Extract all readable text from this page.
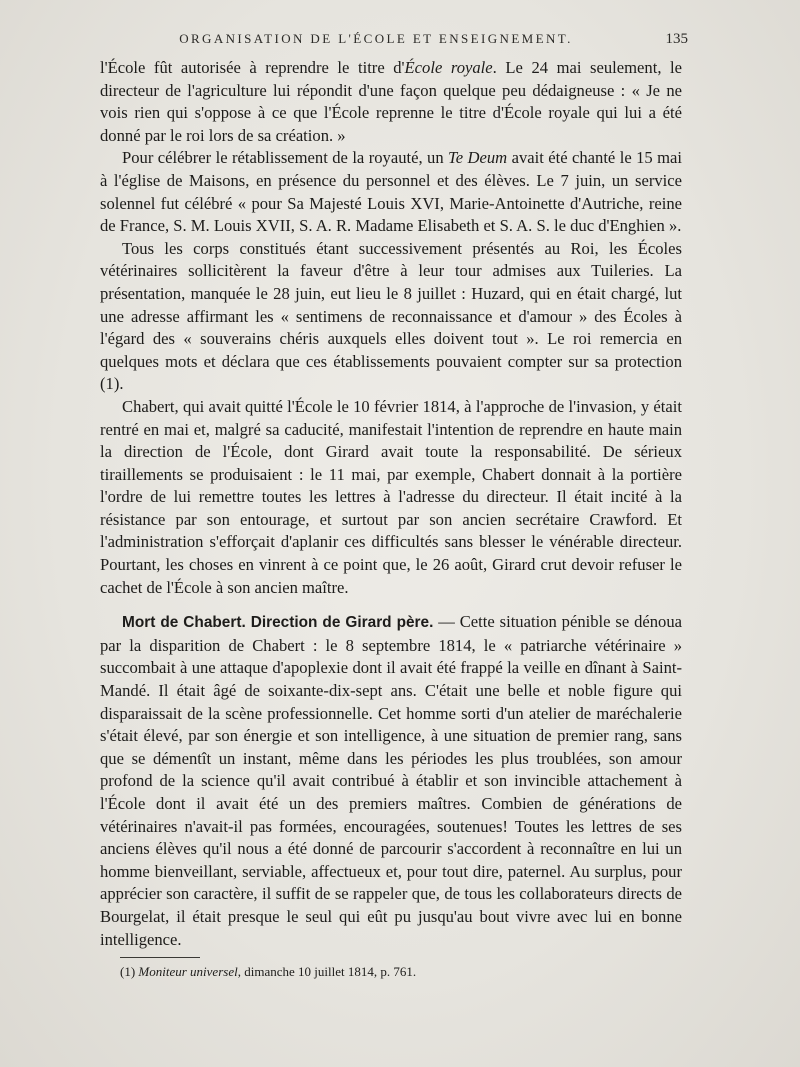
ORGANISATION DE L'ÉCOLE ET ENSEIGNEMENT.	135

l'École fût autorisée à reprendre le titre d'École royale. Le 24 mai seulement, le directeur de l'agriculture lui répondit d'une façon quelque peu dédaigneuse : « Je ne vois rien qui s'oppose à ce que l'École reprenne le titre d'École royale qui lui a été donné par le roi lors de sa création. »

Pour célébrer le rétablissement de la royauté, un Te Deum avait été chanté le 15 mai à l'église de Maisons, en présence du personnel et des élèves. Le 7 juin, un service solennel fut célébré « pour Sa Majesté Louis XVI, Marie-Antoinette d'Autriche, reine de France, S. M. Louis XVII, S. A. R. Madame Elisabeth et S. A. S. le duc d'Enghien ».

Tous les corps constitués étant successivement présentés au Roi, les Écoles vétérinaires sollicitèrent la faveur d'être à leur tour admises aux Tuileries. La présentation, manquée le 28 juin, eut lieu le 8 juillet : Huzard, qui en était chargé, lut une adresse affirmant les « sentimens de reconnaissance et d'amour » des Écoles à l'égard des « souverains chéris auxquels elles doivent tout ». Le roi remercia en quelques mots et déclara que ces établissements pouvaient compter sur sa protection (1).

Chabert, qui avait quitté l'École le 10 février 1814, à l'approche de l'invasion, y était rentré en mai et, malgré sa caducité, manifestait l'intention de reprendre en haute main la direction de l'École, dont Girard avait toute la responsabilité. De sérieux tiraillements se produisaient : le 11 mai, par exemple, Chabert donnait à la portière l'ordre de lui remettre toutes les lettres à l'adresse du directeur. Il était incité à la résistance par son entourage, et surtout par son ancien secrétaire Crawford. Et l'administration s'efforçait d'aplanir ces difficultés sans blesser le vénérable directeur. Pourtant, les choses en vinrent à ce point que, le 26 août, Girard crut devoir refuser le cachet de l'École à son ancien maître.

Mort de Chabert. Direction de Girard père. — Cette situation pénible se dénoua par la disparition de Chabert : le 8 septembre 1814, le « patriarche vétérinaire » succombait à une attaque d'apoplexie dont il avait été frappé la veille en dînant à Saint-Mandé. Il était âgé de soixante-dix-sept ans. C'était une belle et noble figure qui disparaissait de la scène professionnelle. Cet homme sorti d'un atelier de maréchalerie s'était élevé, par son énergie et son intelligence, à une situation de premier rang, sans que se démentît un instant, même dans les périodes les plus troublées, son amour profond de la science qu'il avait contribué à établir et son invincible attachement à l'École dont il avait été un des premiers maîtres. Combien de générations de vétérinaires n'avait-il pas formées, encouragées, soutenues! Toutes les lettres de ses anciens élèves qu'il nous a été donné de parcourir s'accordent à reconnaître en lui un homme bienveillant, serviable, affectueux et, pour tout dire, paternel. Au surplus, pour apprécier son caractère, il suffit de se rappeler que, de tous les collaborateurs directs de Bourgelat, il était presque le seul qui eût pu jusqu'au bout vivre avec lui en bonne intelligence.

(1) Moniteur universel, dimanche 10 juillet 1814, p. 761.
